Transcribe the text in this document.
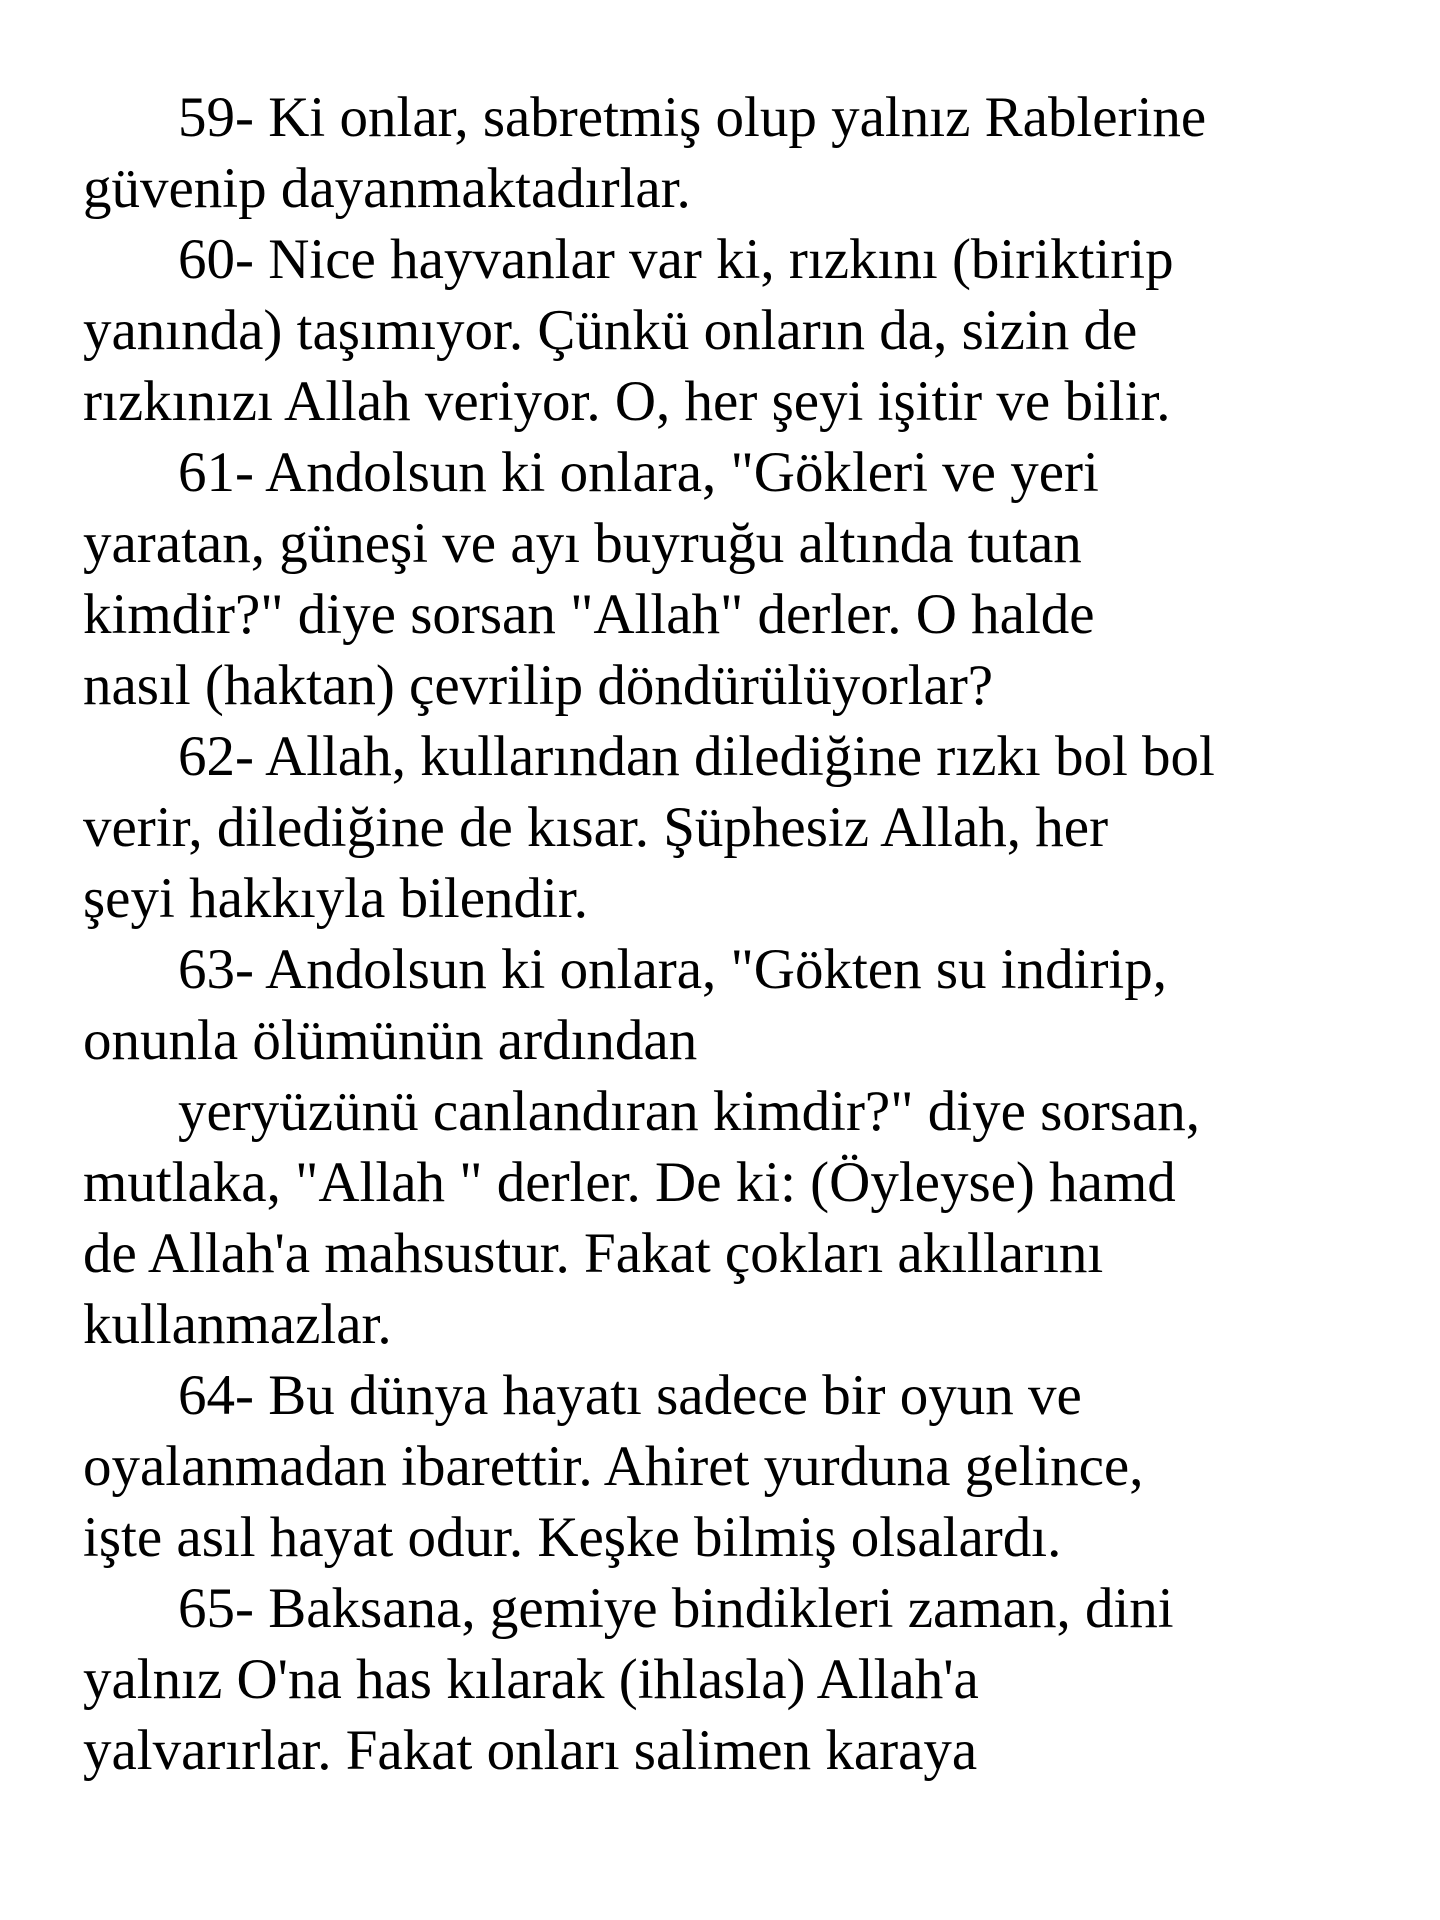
59- Ki onlar, sabretmiş olup yalnız Rablerine
güvenip dayanmaktadırlar.
60- Nice hayvanlar var ki, rızkını (biriktirip
yanında) taşımıyor. Çünkü onların da, sizin de
rızkınızı Allah veriyor. O, her şeyi işitir ve bilir.
61- Andolsun ki onlara, "Gökleri ve yeri
yaratan, güneşi ve ayı buyruğu altında tutan
kimdir?" diye sorsan "Allah" derler. O halde
nasıl (haktan) çevrilip döndürülüyorlar?
62- Allah, kullarından dilediğine rızkı bol bol
verir, dilediğine de kısar. Şüphesiz Allah, her
şeyi hakkıyla bilendir.
63- Andolsun ki onlara, "Gökten su indirip,
onunla ölümünün ardından
yeryüzünü canlandıran kimdir?" diye sorsan,
mutlaka, "Allah " derler. De ki: (Öyleyse) hamd
de Allah'a mahsustur. Fakat çokları akıllarını
kullanmazlar.
64- Bu dünya hayatı sadece bir oyun ve
oyalanmadan ibarettir. Ahiret yurduna gelince,
işte asıl hayat odur. Keşke bilmiş olsalardı.
65- Baksana, gemiye bindikleri zaman, dini
yalnız O'na has kılarak (ihlasla) Allah'a
yalvarırlar. Fakat onları salimen karaya
